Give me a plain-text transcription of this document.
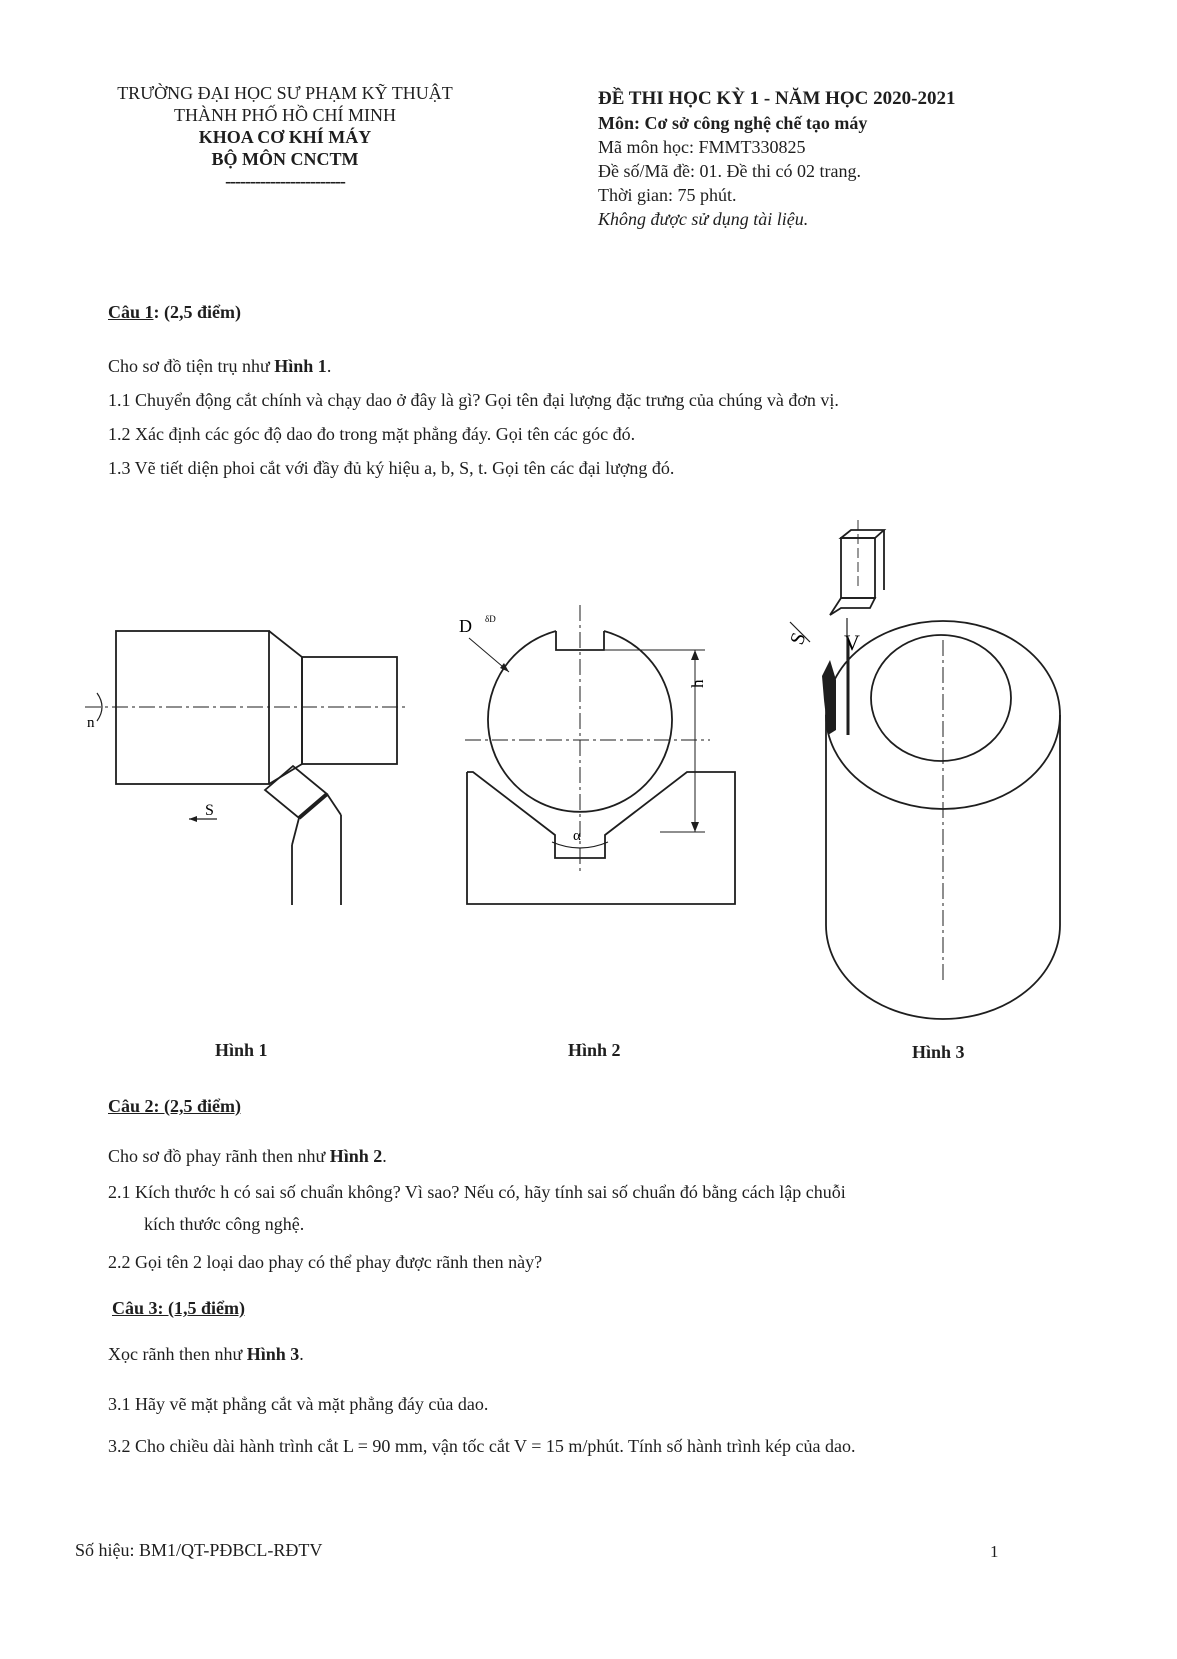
TRƯỜNG ĐẠI HỌC SƯ PHẠM KỸ THUẬT
THÀNH PHỐ HỒ CHÍ MINH
KHOA CƠ KHÍ MÁY
BỘ MÔN CNCTM
------------------------
ĐỀ THI HỌC KỲ 1 - NĂM HỌC 2020-2021
Môn: Cơ sở công nghệ chế tạo máy
Mã môn học: FMMT330825
Đề số/Mã đề: 01. Đề thi có 02 trang.
Thời gian: 75 phút.
Không được sử dụng tài liệu.
Câu 1: (2,5 điểm)
Cho sơ đồ tiện trụ như Hình 1.
1.1 Chuyển động cắt chính và chạy dao ở đây là gì? Gọi tên đại lượng đặc trưng của chúng và đơn vị.
1.2 Xác định các góc độ dao đo trong mặt phẳng đáy. Gọi tên các góc đó.
1.3 Vẽ tiết diện phoi cắt với đầy đủ ký hiệu a, b, S, t. Gọi tên các đại lượng đó.
n
S
h
D δD
α
V
S
Hình 1	Hình 2	Hình 3
Câu 2: (2,5 điểm)
Cho sơ đồ phay rãnh then như Hình 2.
2.1 Kích thước h có sai số chuẩn không? Vì sao? Nếu có, hãy tính sai số chuẩn đó bằng cách lập chuỗi
kích thước công nghệ.
2.2 Gọi tên 2 loại dao phay có thể phay được rãnh then này?
Câu 3: (1,5 điểm)
Xọc rãnh then như Hình 3.
3.1 Hãy vẽ mặt phẳng cắt và mặt phẳng đáy của dao.
3.2 Cho chiều dài hành trình cắt L = 90 mm, vận tốc cắt V = 15 m/phút. Tính số hành trình kép của dao.
Số hiệu: BM1/QT-PĐBCL-RĐTV	1
